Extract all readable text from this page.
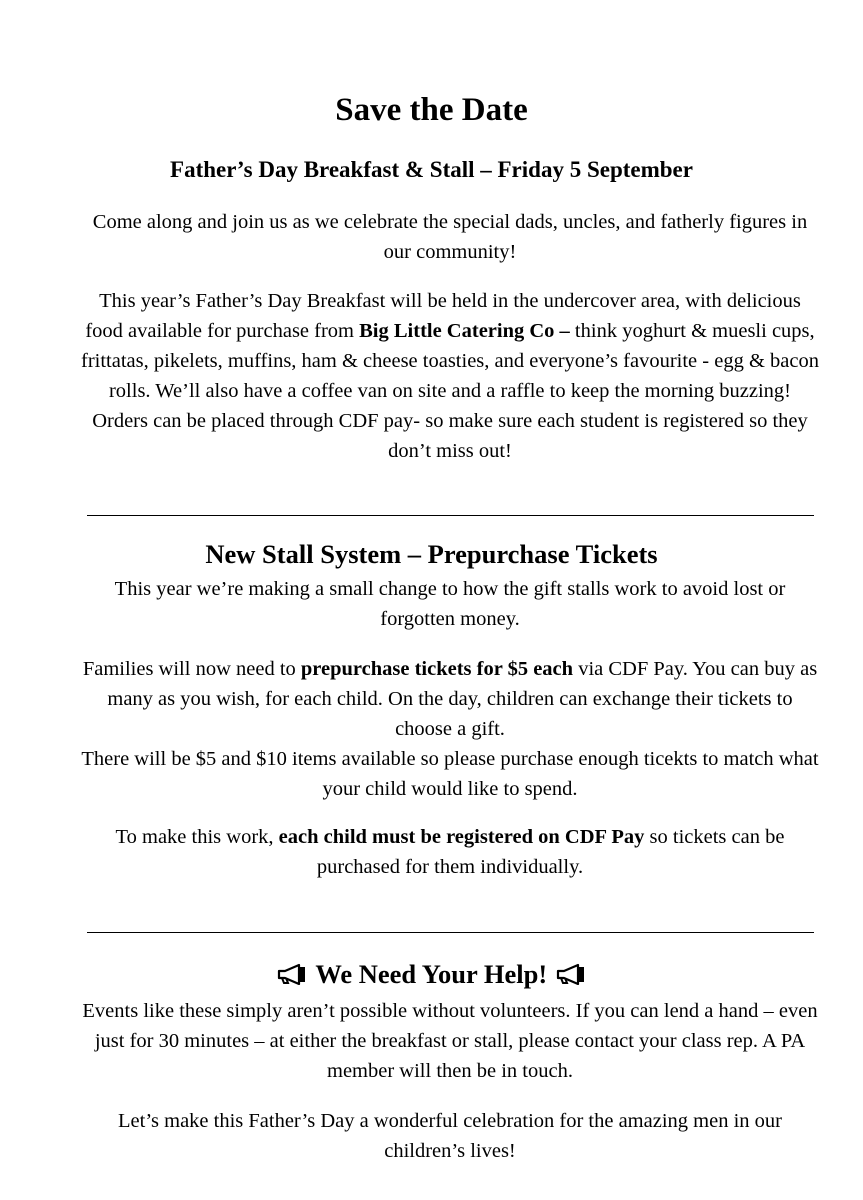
Save the Date
Father’s Day Breakfast & Stall – Friday 5 September

Come along and join us as we celebrate the special dads, uncles, and fatherly figures in our community!

This year’s Father’s Day Breakfast will be held in the undercover area, with delicious food available for purchase from Big Little Catering Co – think yoghurt & muesli cups, frittatas, pikelets, muffins, ham & cheese toasties, and everyone’s favourite - egg & bacon rolls. We’ll also have a coffee van on site and a raffle to keep the morning buzzing! Orders can be placed through CDF pay- so make sure each student is registered so they don’t miss out!

New Stall System – Prepurchase Tickets

This year we’re making a small change to how the gift stalls work to avoid lost or forgotten money.

Families will now need to prepurchase tickets for $5 each via CDF Pay. You can buy as many as you wish, for each child. On the day, children can exchange their tickets to choose a gift.
There will be $5 and $10 items available so please purchase enough ticekts to match what your child would like to spend.

To make this work, each child must be registered on CDF Pay so tickets can be purchased for them individually.

We Need Your Help!

Events like these simply aren’t possible without volunteers. If you can lend a hand – even just for 30 minutes – at either the breakfast or stall, please contact your class rep. A PA member will then be in touch.

Let’s make this Father’s Day a wonderful celebration for the amazing men in our children’s lives!
